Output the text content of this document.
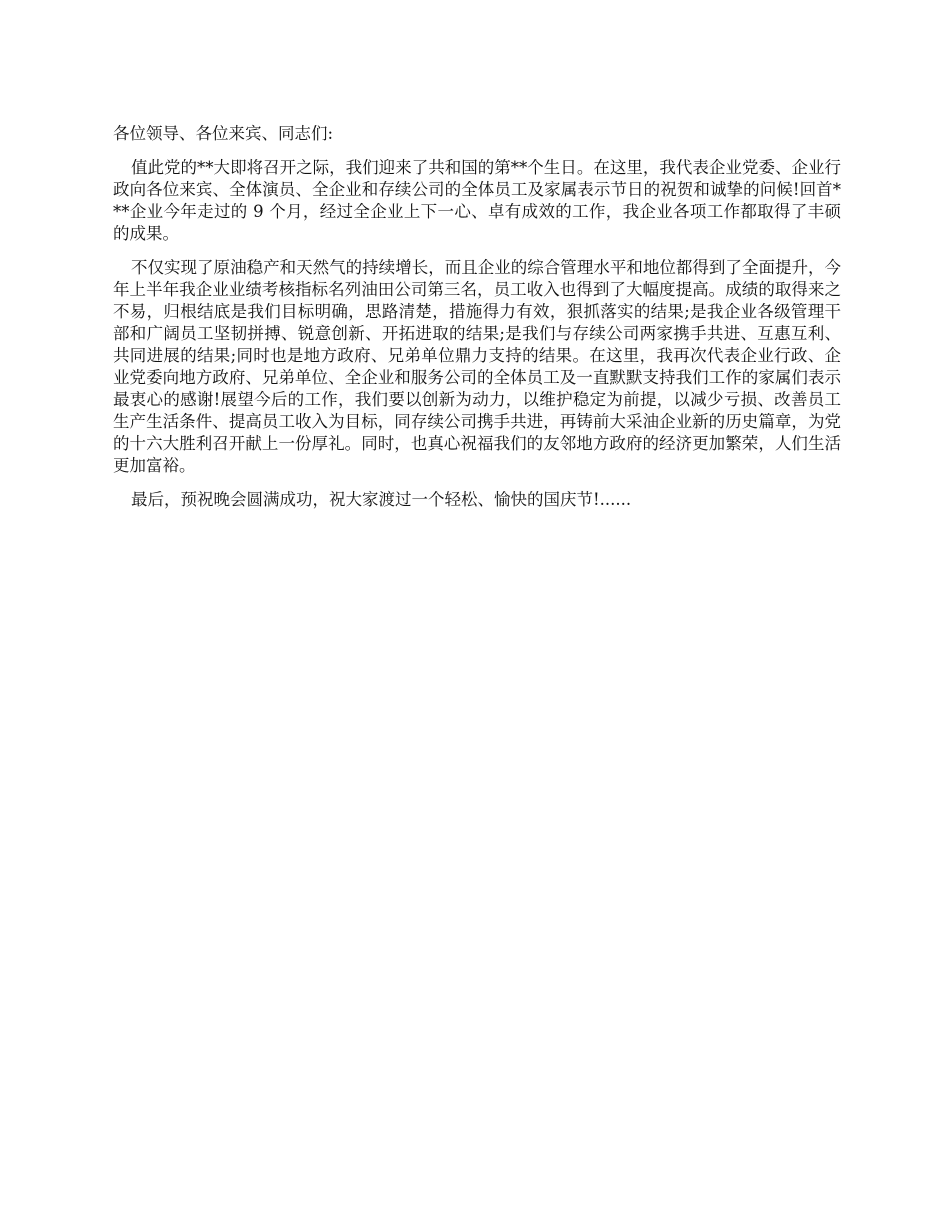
各位领导、各位来宾、同志们:

值此党的**大即将召开之际，我们迎来了共和国的第**个生日。在这里，我代表企业党委、企业行政向各位来宾、全体演员、全企业和存续公司的全体员工及家属表示节日的祝贺和诚挚的问候!回首***企业今年走过的 9 个月，经过全企业上下一心、卓有成效的工作，我企业各项工作都取得了丰硕的成果。

不仅实现了原油稳产和天然气的持续增长，而且企业的综合管理水平和地位都得到了全面提升，今年上半年我企业业绩考核指标名列油田公司第三名，员工收入也得到了大幅度提高。成绩的取得来之不易，归根结底是我们目标明确，思路清楚，措施得力有效，狠抓落实的结果;是我企业各级管理干部和广阔员工坚韧拼搏、锐意创新、开拓进取的结果;是我们与存续公司两家携手共进、互惠互利、共同进展的结果;同时也是地方政府、兄弟单位鼎力支持的结果。在这里，我再次代表企业行政、企业党委向地方政府、兄弟单位、全企业和服务公司的全体员工及一直默默支持我们工作的家属们表示最衷心的感谢!展望今后的工作，我们要以创新为动力，以维护稳定为前提，以减少亏损、改善员工生产生活条件、提高员工收入为目标，同存续公司携手共进，再铸前大采油企业新的历史篇章，为党的十六大胜利召开献上一份厚礼。同时，也真心祝福我们的友邻地方政府的经济更加繁荣，人们生活更加富裕。

最后，预祝晚会圆满成功，祝大家渡过一个轻松、愉快的国庆节!......
